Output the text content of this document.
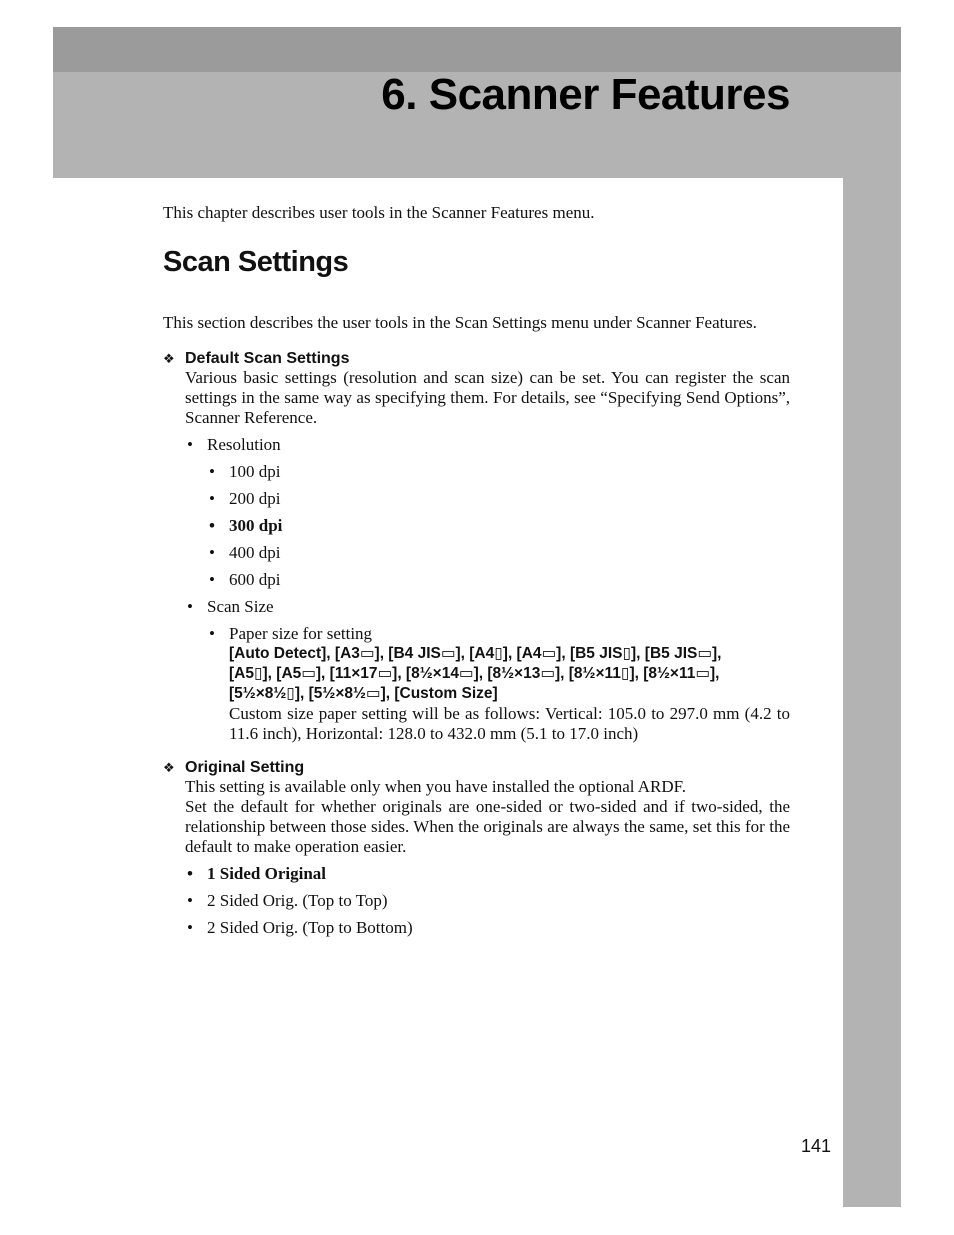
6. Scanner Features

This chapter describes user tools in the Scanner Features menu.

Scan Settings

This section describes the user tools in the Scan Settings menu under Scanner Features.

❖ Default Scan Settings

Various basic settings (resolution and scan size) can be set. You can register the scan settings in the same way as specifying them. For details, see “Specifying Send Options”, Scanner Reference.

• Resolution
• 100 dpi
• 200 dpi
• 300 dpi
• 400 dpi
• 600 dpi
• Scan Size
• Paper size for setting
[Auto Detect], [A3▭], [B4 JIS▭], [A4▯], [A4▭], [B5 JIS▯], [B5 JIS▭],
[A5▯], [A5▭], [11×17▭], [8½×14▭], [8½×13▭], [8½×11▯], [8½×11▭],
[5½×8½▯], [5½×8½▭], [Custom Size]
Custom size paper setting will be as follows: Vertical: 105.0 to 297.0 mm (4.2 to 11.6 inch), Horizontal: 128.0 to 432.0 mm (5.1 to 17.0 inch)
❖ Original Setting

This setting is available only when you have installed the optional ARDF.

Set the default for whether originals are one-sided or two-sided and if two-sided, the relationship between those sides. When the originals are always the same, set this for the default to make operation easier.

• 1 Sided Original
• 2 Sided Orig. (Top to Top)
• 2 Sided Orig. (Top to Bottom)
141
